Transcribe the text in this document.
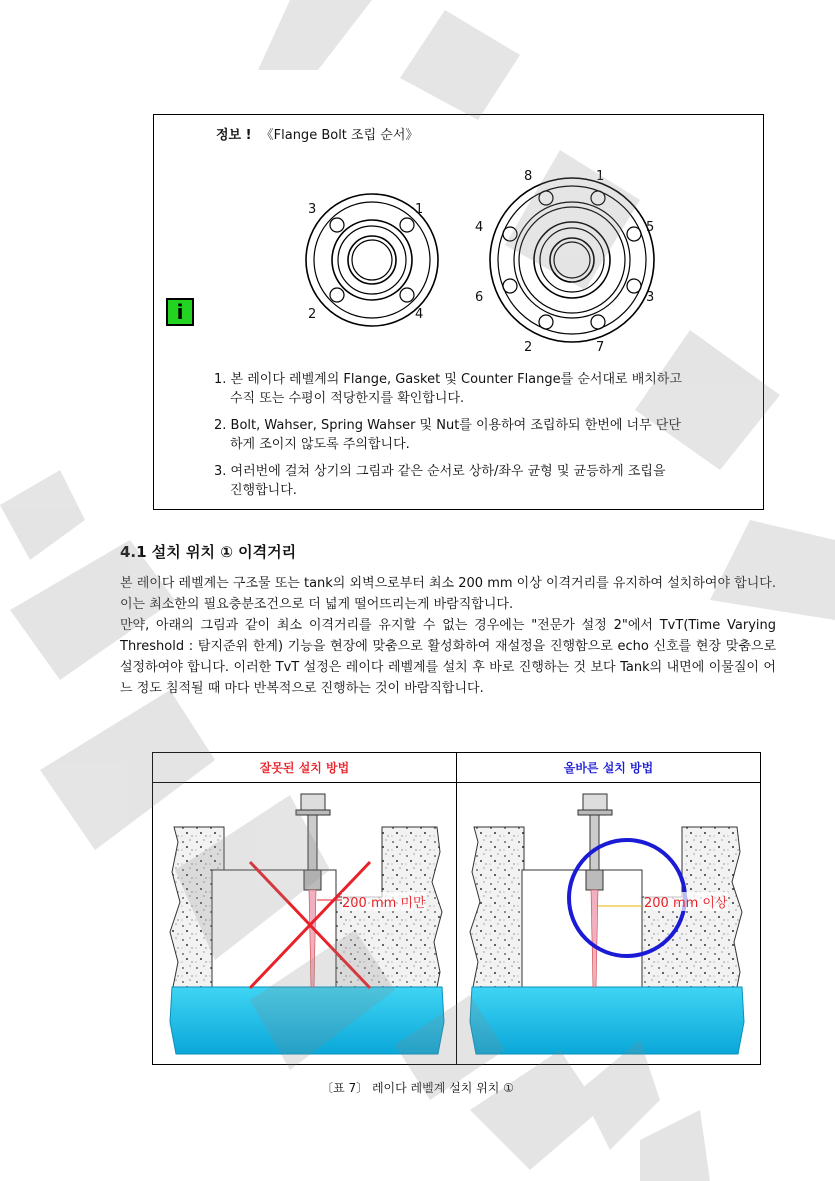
정보 ! 《Flange Bolt 조립 순서》
i
3	1
2	4
8	1
4	5
6	3
2	7
1. 본 레이다 레벨계의 Flange, Gasket 및 Counter Flange를 순서대로 배치하고
수직 또는 수평이 적당한지를 확인합니다.
2. Bolt, Wahser, Spring Wahser 및 Nut를 이용하여 조립하되 한번에 너무 단단
하게 조이지 않도록 주의합니다.
3. 여러번에 걸쳐 상기의 그림과 같은 순서로 상하/좌우 균형 및 균등하게 조립을
진행합니다.
4.1 설치 위치 ① 이격거리
본 레이다 레벨계는 구조물 또는 tank의 외벽으로부터 최소 200 mm 이상 이격거리를 유지하여 설치하여야 합니다. 이는 최소한의 필요충분조건으로 더 넓게 떨어뜨리는게 바람직합니다.
만약, 아래의 그림과 같이 최소 이격거리를 유지할 수 없는 경우에는 "전문가 설정 2"에서 TvT(Time Varying Threshold : 탐지준위 한계) 기능을 현장에 맞춤으로 활성화하여 재설정을 진행함으로 echo 신호를 현장 맞춤으로 설정하여야 합니다. 이러한 TvT 설정은 레이다 레벨계를 설치 후 바로 진행하는 것 보다 Tank의 내면에 이물질이 어느 정도 침적될 때 마다 반복적으로 진행하는 것이 바람직합니다.
잘못된 설치 방법	올바른 설치 방법
200 mm 미만	200 mm 이상
〔표 7〕 레이다 레벨계 설치 위치 ①
